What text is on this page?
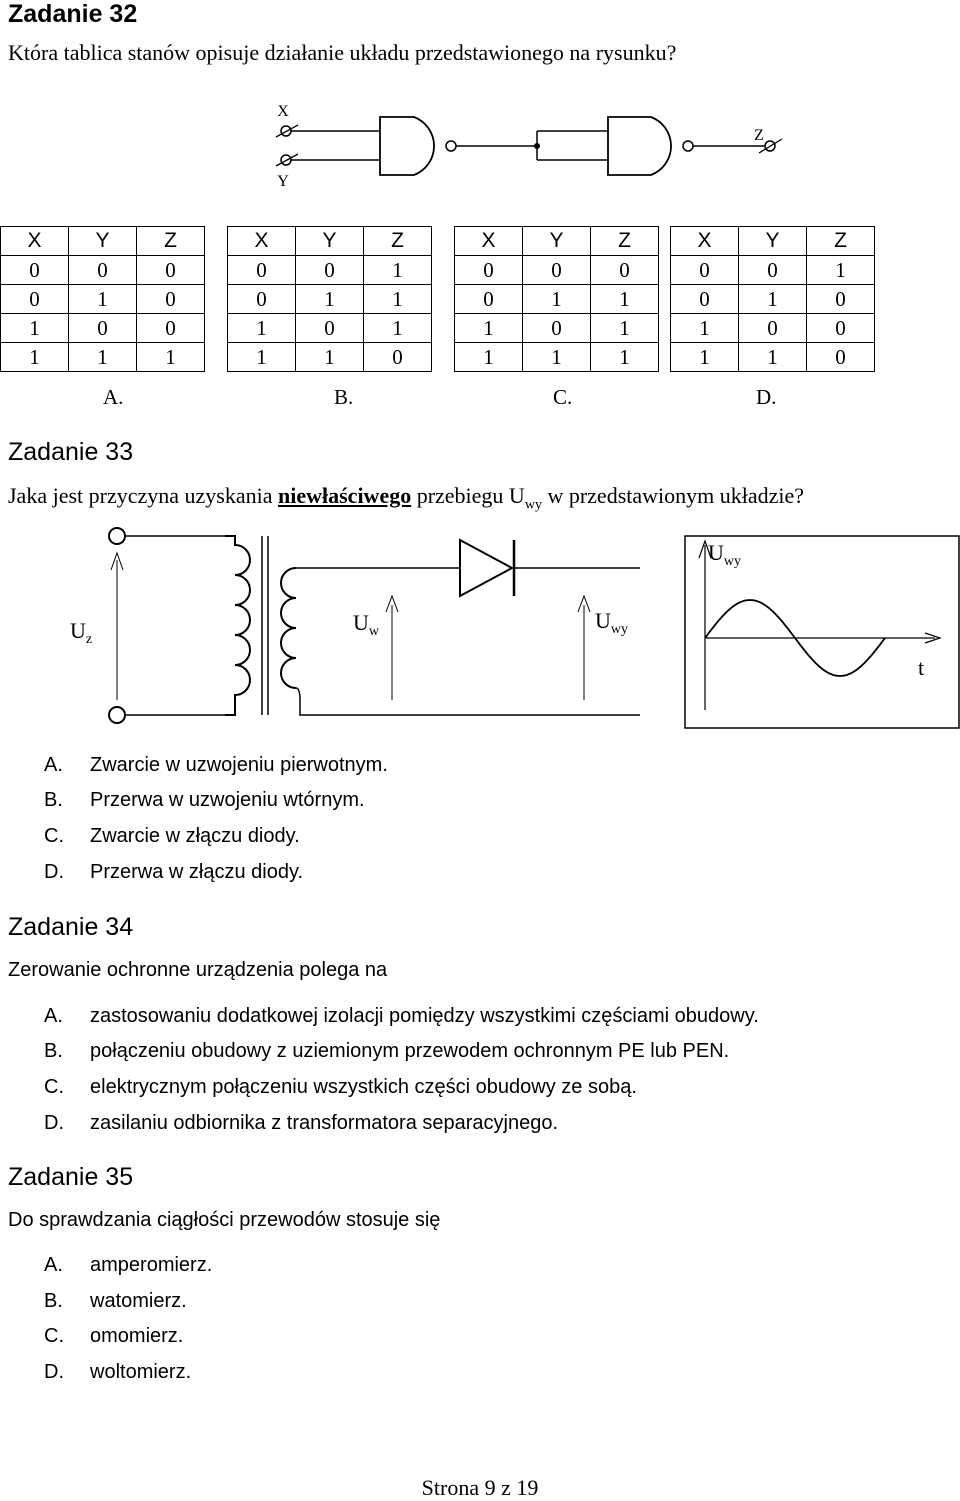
Zadanie 32
Która tablica stanów opisuje działanie układu przedstawionego na rysunku?
X
Y
Z
X	Y	Z
0	0	0
0	1	0
1	0	0
1	1	1
X	Y	Z
0	0	1
0	1	1
1	0	1
1	1	0
X	Y	Z
0	0	0
0	1	1
1	0	1
1	1	1
X	Y	Z
0	0	1
0	1	0
1	0	0
1	1	0
A.	B.	C.	D.
Zadanie 33
Jaka jest przyczyna uzyskania niewłaściwego przebiegu $U_{wy}$ w przedstawionym układzie?
$U_z$
$U_w$	$U_{wy}$
$U_{wy}$
t
A. Zwarcie w uzwojeniu pierwotnym.
B. Przerwa w uzwojeniu wtórnym.
C. Zwarcie w złączu diody.
D. Przerwa w złączu diody.
Zadanie 34
Zerowanie ochronne urządzenia polega na
A. zastosowaniu dodatkowej izolacji pomiędzy wszystkimi częściami obudowy.
B. połączeniu obudowy z uziemionym przewodem ochronnym PE lub PEN.
C. elektrycznym połączeniu wszystkich części obudowy ze sobą.
D. zasilaniu odbiornika z transformatora separacyjnego.
Zadanie 35
Do sprawdzania ciągłości przewodów stosuje się
A. amperomierz.
B. watomierz.
C. omomierz.
D. woltomierz.
Strona 9 z 19
